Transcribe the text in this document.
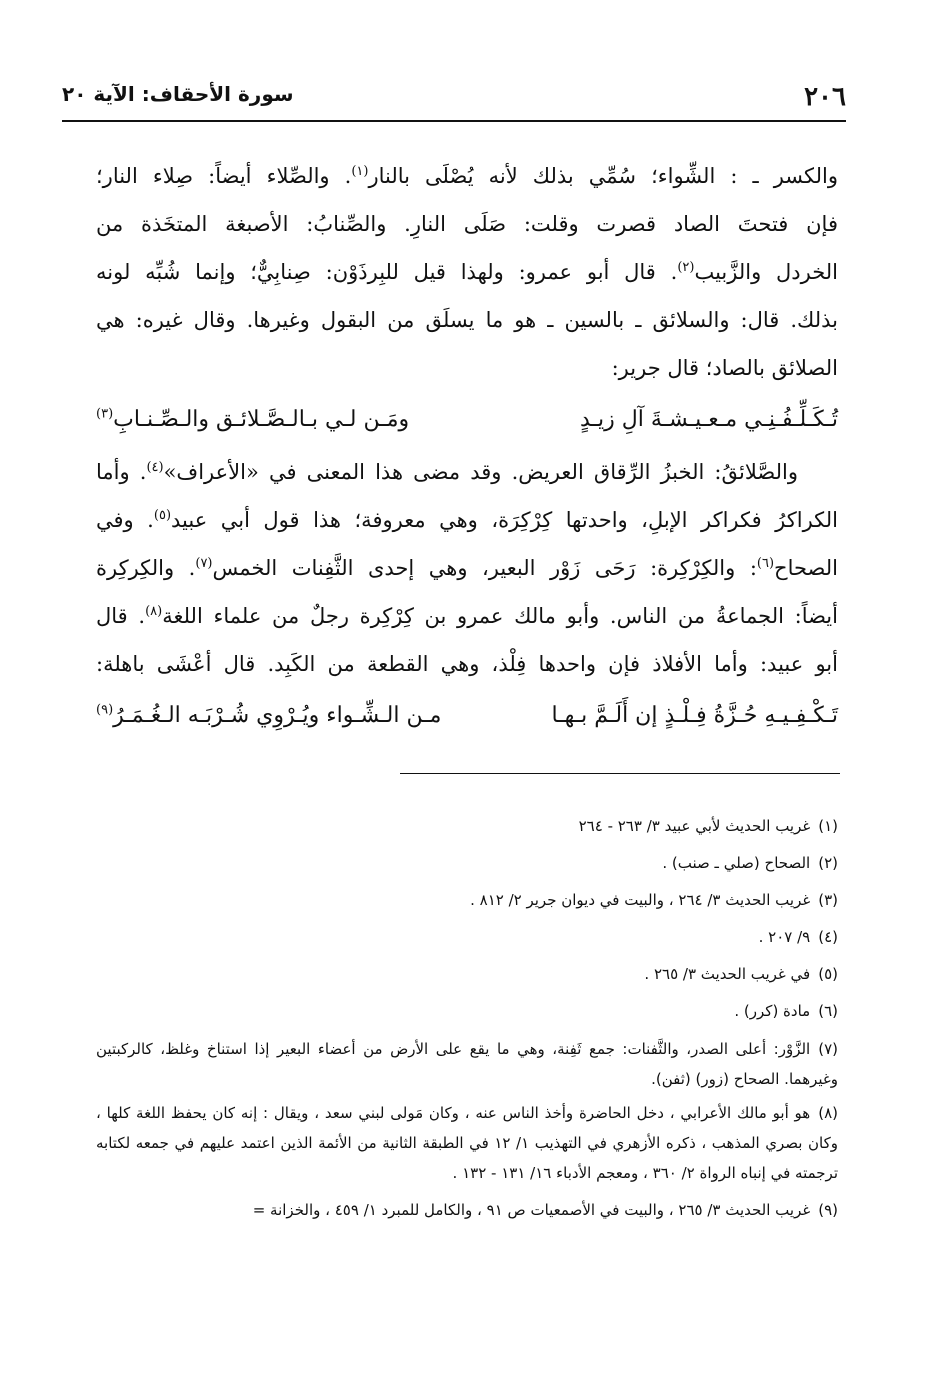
٢٠٦
سورة الأحقاف: الآية ٢٠
والكسر ـ : الشِّواء؛ سُمِّي بذلك لأنه يُصْلَى بالنار$^{(١)}$. والصِّلاء أيضاً: صِلاء النار؛
فإن فتحتَ الصاد قصرت وقلت: صَلَى النارِ. والصِّنابُ: الأصبغة المتخَذة من
الخردل والزَّبيب$^{(٢)}$. قال أبو عمرو: ولهذا قيل للبِرذَوْن: صِنابِيٌّ؛ وإنما شُبِّه لونه
بذلك. قال: والسلائق ـ بالسين ـ هو ما يسلَق من البقول وغيرها. وقال غيره: هي
الصلائق بالصاد؛ قال جرير:
تُـكَـلِّـفُـنِـي مـعـيـشـةَ آلِ زيـدٍ
ومَـن لـي بـالـصَّـلائـق والـصِّـنـابِ$^{(٣)}$
والصَّلائقُ: الخبزُ الرِّقاق العريض. وقد مضى هذا المعنى في «الأعراف»$^{(٤)}$. وأما
الكراكرُ فكراكر الإبلِ، واحدتها كِرْكِرَة، وهي معروفة؛ هذا قول أبي عبيد$^{(٥)}$. وفي
الصحاح$^{(٦)}$: والكِرْكِرة: رَحَى زَوْر البعير، وهي إحدى الثَّفِنات الخمس$^{(٧)}$. والكِركِرة
أيضاً: الجماعةُ من الناس. وأبو مالك عمرو بن كِرْكِرة رجلٌ من علماء اللغة$^{(٨)}$. قال
أبو عبيد: وأما الأفلاذ فإن واحدها فِلْذ، وهي القطعة من الكَبِد. قال أعْشَى باهلة:
تَـكْـفِـيـهِ حُـزَّةُ فِـلْـذٍ إن أَلَـمَّ بـهـا
مـن الـشِّـواء ويُـرْوِي شُـرْبَـه الـغُـمَـرُ$^{(٩)}$
(١)غريب الحديث لأبي عبيد ٣/ ٢٦٣ - ٢٦٤
(٢)الصحاح (صلي ـ صنب) .
(٣)غريب الحديث ٣/ ٢٦٤ ، والبيت في ديوان جرير ٢/ ٨١٢ .
(٤)٩/ ٢٠٧ .
(٥)في غريب الحديث ٣/ ٢٦٥ .
(٦)مادة (كرر) .
(٧)الزَّوْر: أعلى الصدر، والثَّفنات: جمع ثَفِنة، وهي ما يقع على الأرض من أعضاء البعير إذا استناخ وغلظ، كالركبتين وغيرهما. الصحاح (زور) (ثفن).
(٨)هو أبو مالك الأعرابي ، دخل الحاضرة وأخذ الناس عنه ، وكان مَولى لبني سعد ، ويقال : إنه كان يحفظ اللغة كلها ، وكان بصري المذهب ، ذكره الأزهري في التهذيب ١/ ١٢ في الطبقة الثانية من الأئمة الذين اعتمد عليهم في جمعه لكتابه ترجمته في إنباه الرواة ٢/ ٣٦٠ ، ومعجم الأدباء ١٦/ ١٣١ - ١٣٢ .
(٩)غريب الحديث ٣/ ٢٦٥ ، والبيت في الأصمعيات ص ٩١ ، والكامل للمبرد ١/ ٤٥٩ ، والخزانة =
